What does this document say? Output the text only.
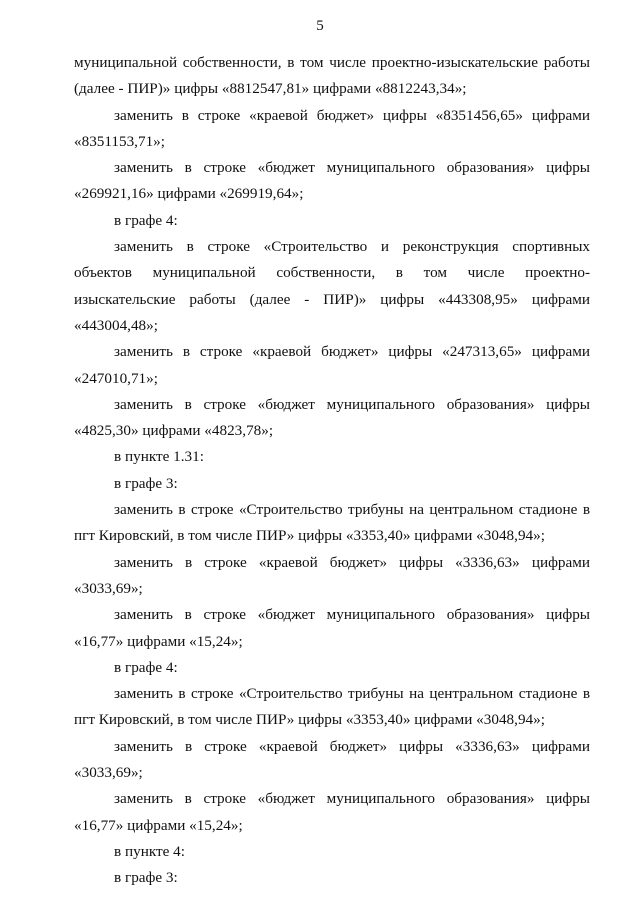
5

муниципальной собственности, в том числе проектно-изыскательские работы (далее - ПИР)» цифры «8812547,81» цифрами «8812243,34»;

заменить в строке «краевой бюджет» цифры «8351456,65» цифрами «8351153,71»;

заменить в строке «бюджет муниципального образования» цифры «269921,16» цифрами «269919,64»;

в графе 4:

заменить в строке «Строительство и реконструкция спортивных объектов муниципальной собственности, в том числе проектно-изыскательские работы (далее - ПИР)» цифры «443308,95» цифрами «443004,48»;

заменить в строке «краевой бюджет» цифры «247313,65» цифрами «247010,71»;

заменить в строке «бюджет муниципального образования» цифры «4825,30» цифрами «4823,78»;

в пункте 1.31:

в графе 3:

заменить в строке «Строительство трибуны на центральном стадионе в пгт Кировский, в том числе ПИР» цифры «3353,40» цифрами «3048,94»;

заменить в строке «краевой бюджет» цифры «3336,63» цифрами «3033,69»;

заменить в строке «бюджет муниципального образования» цифры «16,77» цифрами «15,24»;

в графе 4:

заменить в строке «Строительство трибуны на центральном стадионе в пгт Кировский, в том числе ПИР» цифры «3353,40» цифрами «3048,94»;

заменить в строке «краевой бюджет» цифры «3336,63» цифрами «3033,69»;

заменить в строке «бюджет муниципального образования» цифры «16,77» цифрами «15,24»;

в пункте 4:

в графе 3:
